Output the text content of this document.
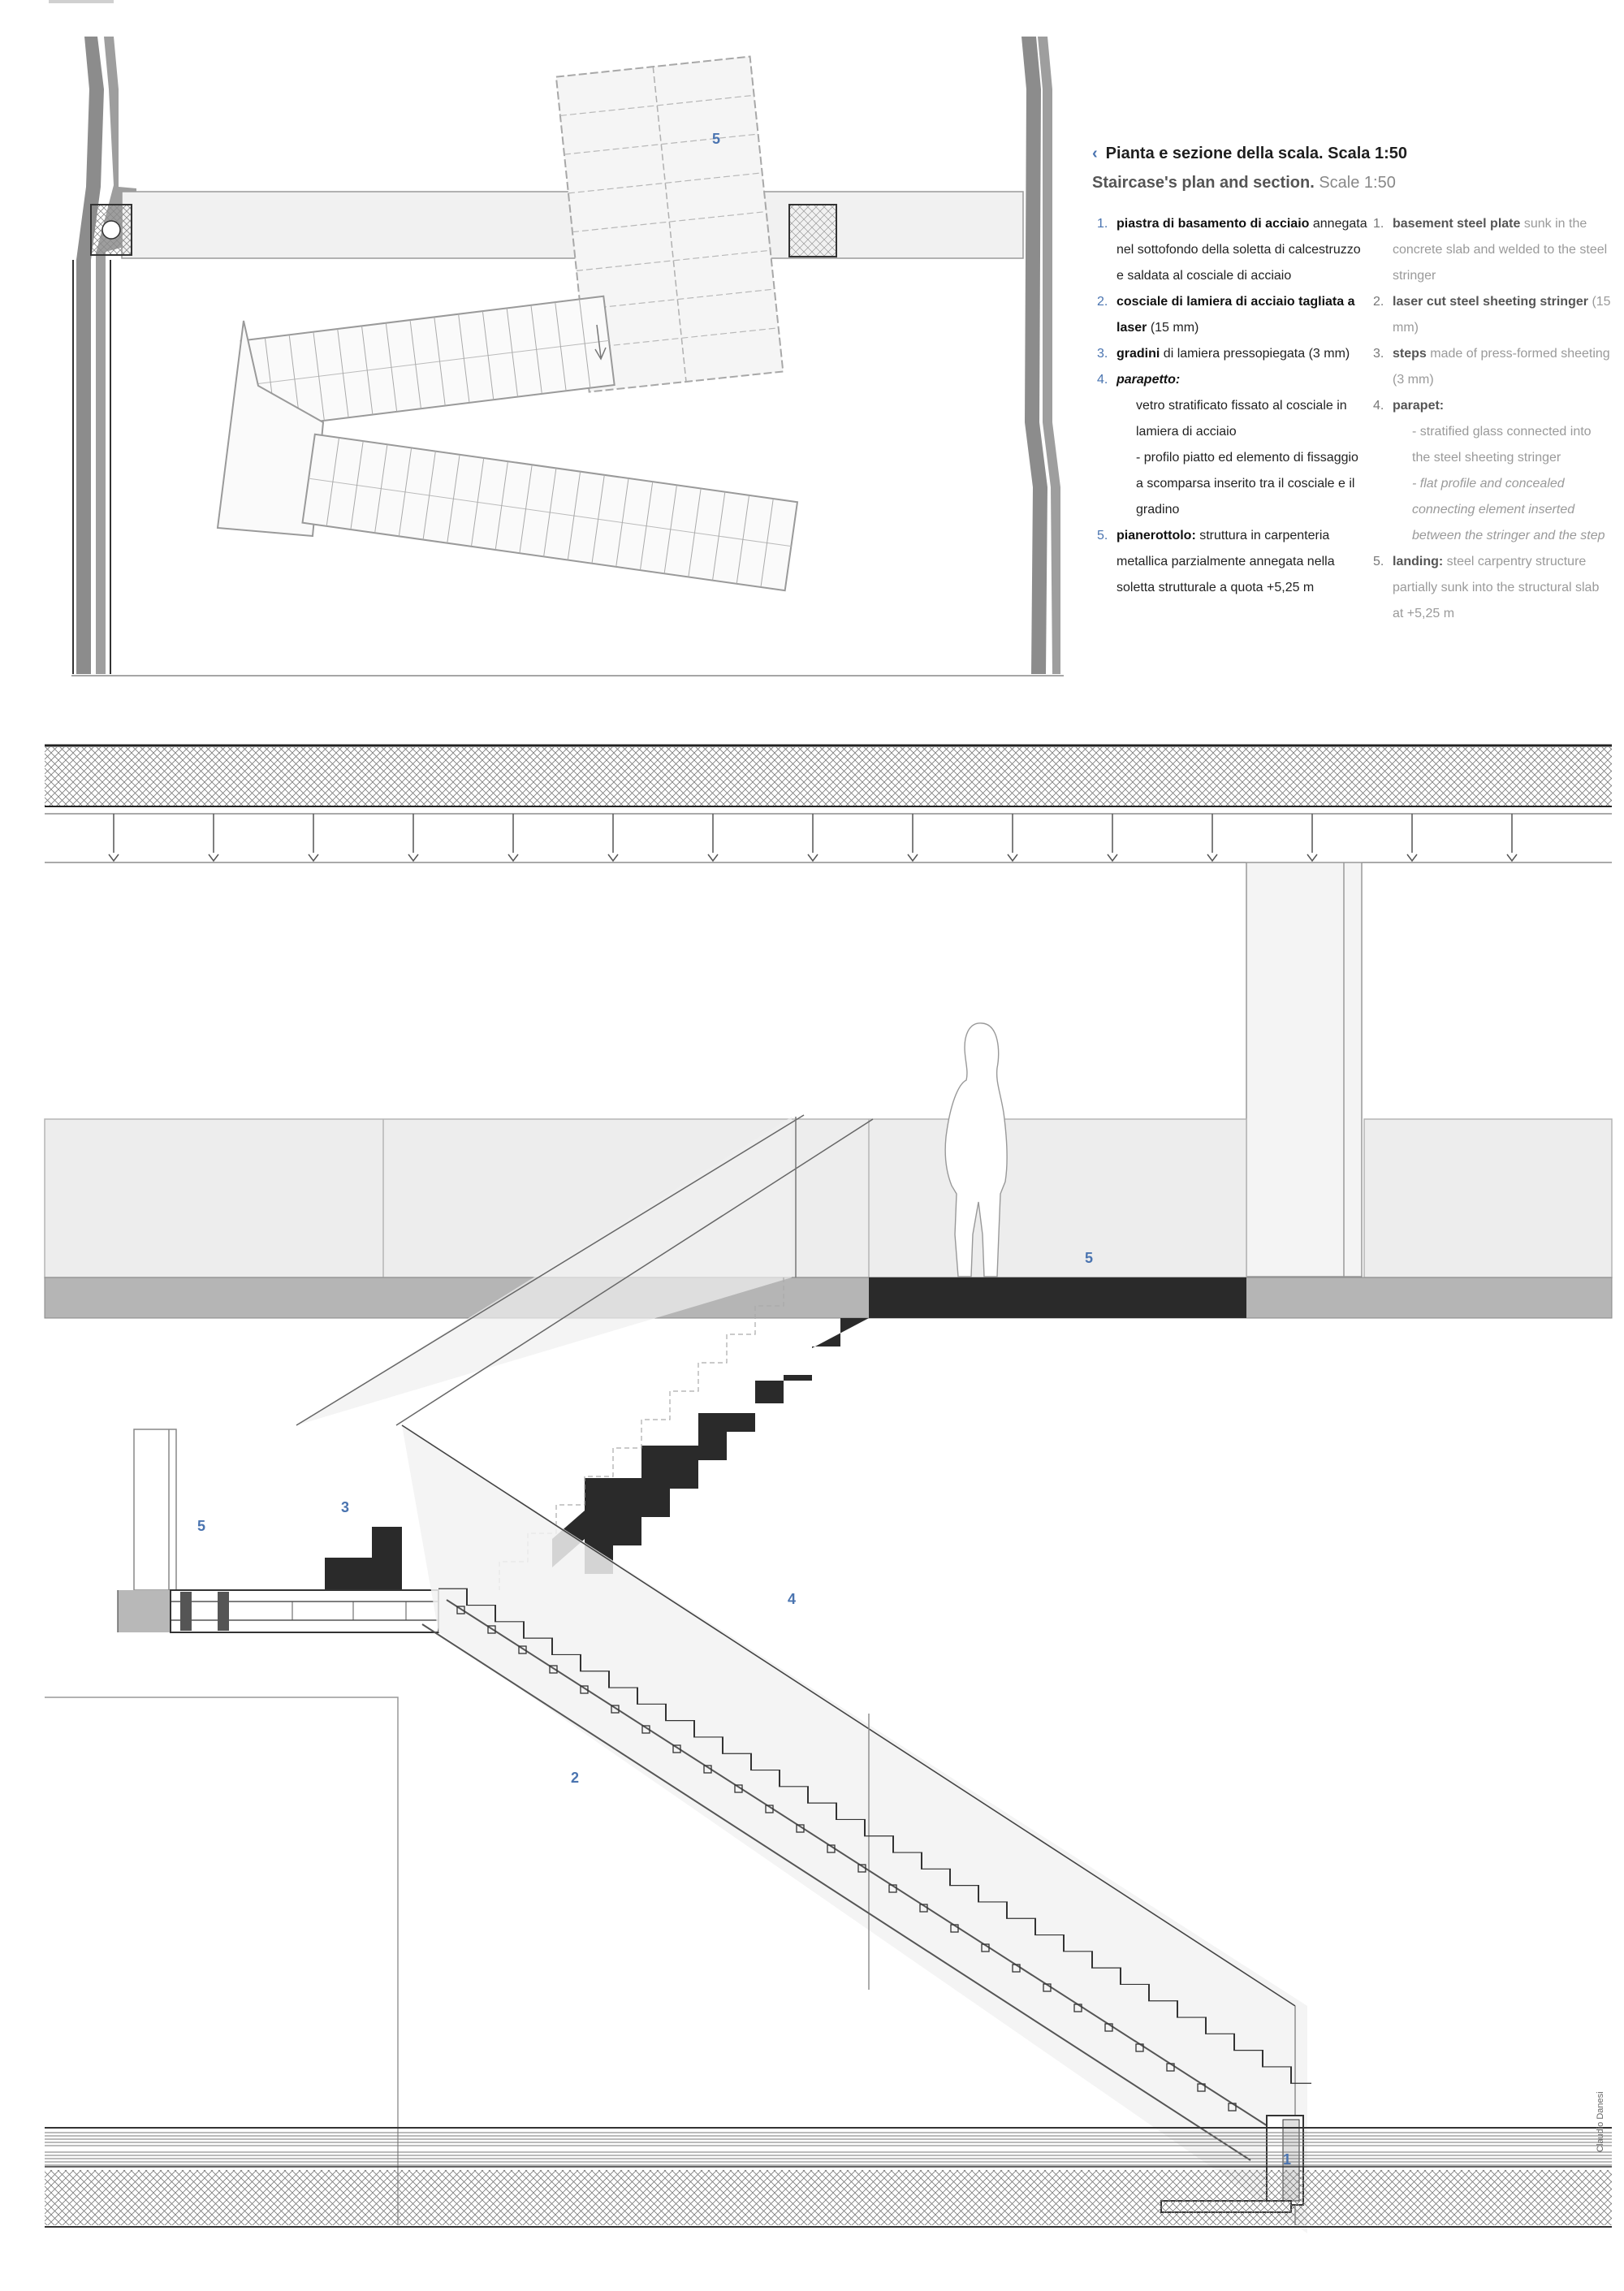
5
‹ Pianta e sezione della scala. Scala 1:50
Staircase's plan and section. Scale 1:50
1. piastra di basamento di acciaio annegata nel sottofondo della soletta di calcestruzzo e saldata al cosciale di acciaio
2. cosciale di lamiera di acciaio tagliata a laser (15 mm)
3. gradini di lamiera pressopiegata (3 mm)
4. parapetto:
vetro stratificato fissato al cosciale in lamiera di acciaio
- profilo piatto ed elemento di fissaggio a scomparsa inserito tra il cosciale e il gradino
5. pianerottolo: struttura in carpenteria metallica parzialmente annegata nella soletta strutturale a quota +5,25 m
1. basement steel plate sunk in the concrete slab and welded to the steel stringer
2. laser cut steel sheeting stringer (15 mm)
3. steps made of press-formed sheeting (3 mm)
4. parapet:
- stratified glass connected into the steel sheeting stringer
- flat profile and concealed connecting element inserted between the stringer and the step
5. landing: steel carpentry structure partially sunk into the structural slab at +5,25 m
5
5
3
4
2
1
Claudio Danesi
